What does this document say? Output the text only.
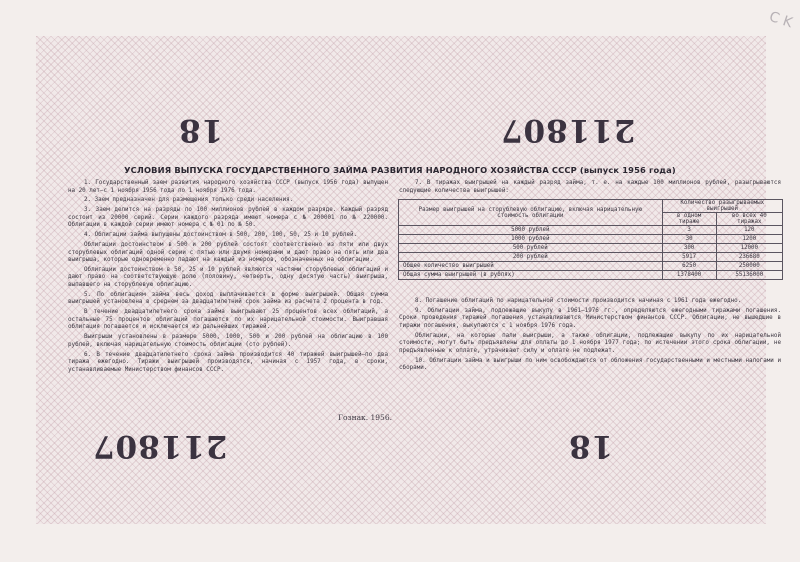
C K
18	211807
211807	18
УСЛОВИЯ ВЫПУСКА ГОСУДАРСТВЕННОГО ЗАЙМА РАЗВИТИЯ НАРОДНОГО ХОЗЯЙСТВА СССР (выпуск 1956 года)

1. Государственный заем развития народного хозяйства СССР (выпуск 1956 года) выпущен на 20 лет—с 1 ноября 1956 года по 1 ноября 1976 года.

2. Заем предназначен для размещения только среди населения.

3. Заем делится на разряды по 100 миллионов рублей в каждом разряде. Каждый разряд состоит из 20000 серий. Серии каждого разряда имеют номера с № 200001 по № 220000. Облигации в каждой серии имеют номера с № 01 по № 50.

4. Облигации займа выпущены достоинством в 500, 200, 100, 50, 25 и 10 рублей.

Облигации достоинством в 500 и 200 рублей состоят соответственно из пяти или двух сторублевых облигаций одной серии с пятью или двумя номерами и дают право на пять или два выигрыша, которые одновременно падают на каждый из номеров, обозначенных на облигации.

Облигации достоинством в 50, 25 и 10 рублей являются частями сторублевых облигаций и дают право на соответствующую долю (половину, четверть, одну десятую часть) выигрыша, выпавшего на сторублевую облигацию.

5. По облигациям займа весь доход выплачивается в форме выигрышей. Общая сумма выигрышей установлена в среднем за двадцатилетний срок займа из расчета 2 процента в год.

В течение двадцатилетнего срока займа выигрывают 25 процентов всех облигаций, а остальные 75 процентов облигаций погашаются по их нарицательной стоимости. Выигравшая облигация погашается и исключается из дальнейших тиражей.

Выигрыши установлены в размере 5000, 1000, 500 и 200 рублей на облигацию в 100 рублей, включая нарицательную стоимость облигации (сто рублей).

6. В течение двадцатилетнего срока займа производится 40 тиражей выигрышей—по два тиража ежегодно. Тиражи выигрышей производятся, начиная с 1957 года, в сроки, устанавливаемые Министерством финансов СССР.

7. В тиражах выигрышей на каждый разряд займа, т. е. на каждые 100 миллионов рублей, разыгрываются следующие количества выигрышей:

Размер выигрышей на сторублевую облигацию, включая нарицательную стоимость облигации	Количество разыгрываемых выигрышей	
	в одном тираже	во всех 40 тиражах
5000 рублей	3	120
1000 рублей	30	1200
500 рублей	300	12000
200 рублей	5917	236680
Общее количество выигрышей	6250	250000
Общая сумма выигрышей (в рублях)	1378400	55136000

8. Погашение облигаций по нарицательной стоимости производится начиная с 1961 года ежегодно.

9. Облигации займа, подлежащие выкупу в 1961—1976 гг., определяются ежегодными тиражами погашения. Сроки проведения тиражей погашения устанавливаются Министерством финансов СССР. Облигации, не вышедшие в тиражи погашения, выкупаются с 1 ноября 1976 года.

Облигации, на которые пали выигрыши, а также облигации, подлежащие выкупу по их нарицательной стоимости, могут быть предъявлены для оплаты до 1 ноября 1977 года; по истечении этого срока облигации, не предъявленные к оплате, утрачивают силу и оплате не подлежат.

10. Облигации займа и выигрыши по ним освобождаются от обложения государственными и местными налогами и сборами.

Гознак. 1956.
